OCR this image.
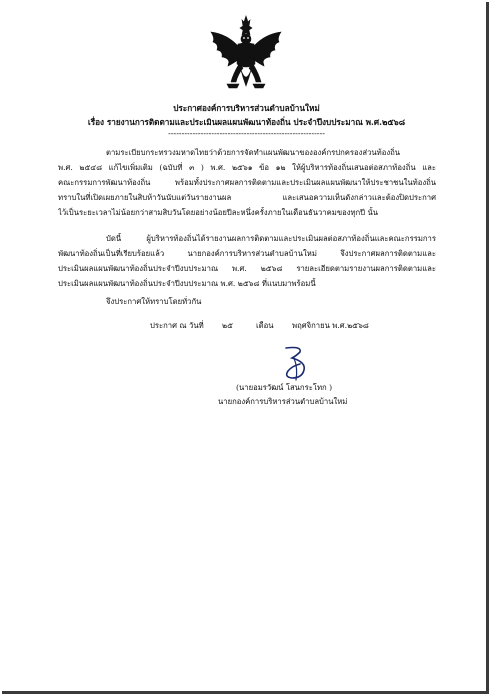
ประกาศองค์การบริหารส่วนตำบลบ้านใหม่
เรื่อง รายงานการติดตามและประเมินผลแผนพัฒนาท้องถิ่น ประจำปีงบประมาณ พ.ศ.๒๕๖๘
----------------------------------------------------------
ตามระเบียบกระทรวงมหาดไทยว่าด้วยการจัดทำแผนพัฒนาขององค์กรปกครองส่วนท้องถิ่น
พ.ศ. ๒๕๔๘ แก้ไขเพิ่มเติม (ฉบับที่ ๓ ) พ.ศ. ๒๕๖๑ ข้อ ๑๒ ให้ผู้บริหารท้องถิ่นเสนอต่อสภาท้องถิ่น และ
คณะกรรมการพัฒนาท้องถิ่น พร้อมทั้งประกาศผลการติดตามและประเมินผลแผนพัฒนาให้ประชาชนในท้องถิ่น
ทราบในที่เปิดเผยภายในสิบห้าวันนับแต่วันรายงานผล และเสนอความเห็นดังกล่าวและต้องปิดประกาศ
ไว้เป็นระยะเวลาไม่น้อยกว่าสามสิบวันโดยอย่างน้อยปีละหนึ่งครั้งภายในเดือนธันวาคมของทุกปี นั้น
บัดนี้ ผู้บริหารท้องถิ่นได้รายงานผลการติดตามและประเมินผลต่อสภาท้องถิ่นและคณะกรรมการ
พัฒนาท้องถิ่นเป็นที่เรียบร้อยแล้ว นายกองค์การบริหารส่วนตำบลบ้านใหม่ จึงประกาศผลการติดตามและ
ประเมินผลแผนพัฒนาท้องถิ่นประจำปีงบประมาณ พ.ศ. ๒๕๖๘ รายละเอียดตามรายงานผลการติดตามและ
ประเมินผลแผนพัฒนาท้องถิ่นประจำปีงบประมาณ พ.ศ. ๒๕๖๘ ที่แนบมาพร้อมนี้
จึงประกาศให้ทราบโดยทั่วกัน
ประกาศ ณ วันที่ ๒๕	เดือน พฤศจิกายน พ.ศ.๒๕๖๘
(นายอมรวัฒน์ โสนกระโทก )
นายกองค์การบริหารส่วนตำบลบ้านใหม่
